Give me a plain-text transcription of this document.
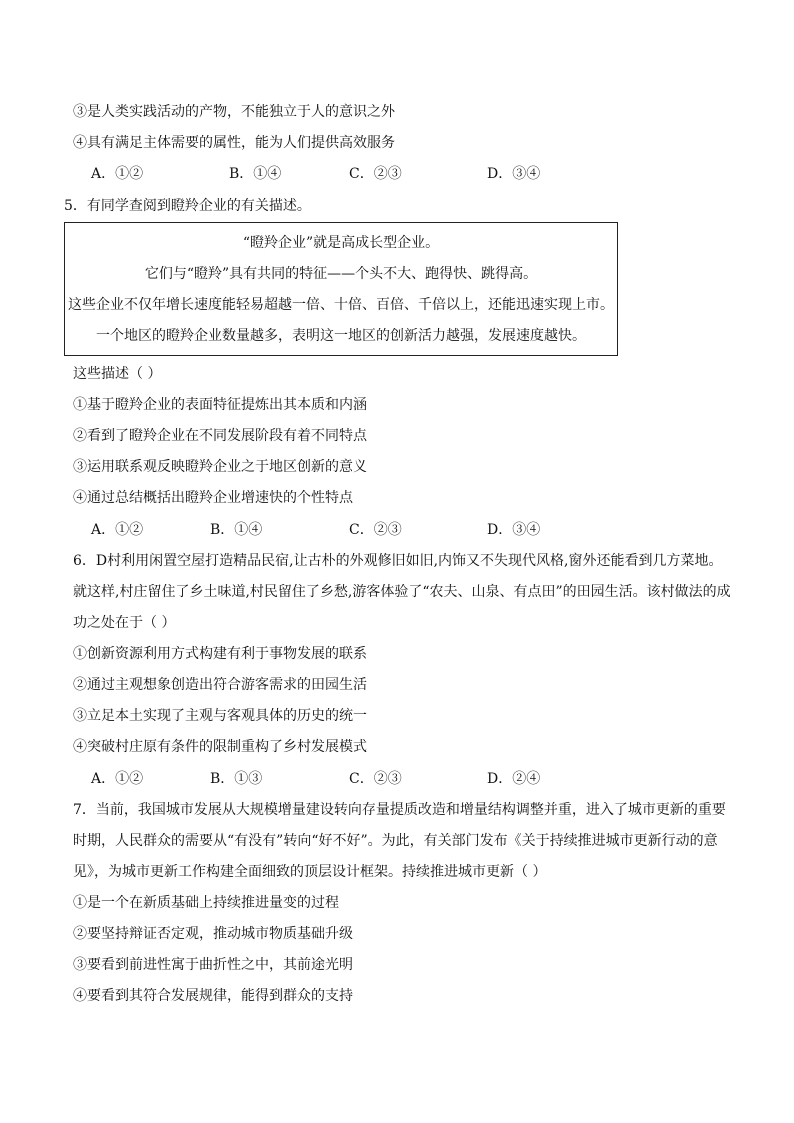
③是人类实践活动的产物，不能独立于人的意识之外
④具有满足主体需要的属性，能为人们提供高效服务
A．①②	B．①④	C．②③	D．③④
5．有同学查阅到瞪羚企业的有关描述。
“瞪羚企业”就是高成长型企业。
它们与“瞪羚”具有共同的特征——个头不大、跑得快、跳得高。
这些企业不仅年增长速度能轻易超越一倍、十倍、百倍、千倍以上，还能迅速实现上市。
一个地区的瞪羚企业数量越多，表明这一地区的创新活力越强，发展速度越快。
这些描述（ ）
①基于瞪羚企业的表面特征提炼出其本质和内涵
②看到了瞪羚企业在不同发展阶段有着不同特点
③运用联系观反映瞪羚企业之于地区创新的意义
④通过总结概括出瞪羚企业增速快的个性特点
A．①②	B．①④	C．②③	D．③④
6．D村利用闲置空屋打造精品民宿,让古朴的外观修旧如旧,内饰又不失现代风格,窗外还能看到几方菜地。
就这样,村庄留住了乡土味道,村民留住了乡愁,游客体验了“农夫、山泉、有点田”的田园生活。该村做法的成
功之处在于（ ）
①创新资源利用方式构建有利于事物发展的联系
②通过主观想象创造出符合游客需求的田园生活
③立足本土实现了主观与客观具体的历史的统一
④突破村庄原有条件的限制重构了乡村发展模式
A．①②	B．①③	C．②③	D．②④
7．当前，我国城市发展从大规模增量建设转向存量提质改造和增量结构调整并重，进入了城市更新的重要
时期，人民群众的需要从“有没有”转向“好不好”。为此，有关部门发布《关于持续推进城市更新行动的意
见》，为城市更新工作构建全面细致的顶层设计框架。持续推进城市更新（ ）
①是一个在新质基础上持续推进量变的过程
②要坚持辩证否定观，推动城市物质基础升级
③要看到前进性寓于曲折性之中，其前途光明
④要看到其符合发展规律，能得到群众的支持
